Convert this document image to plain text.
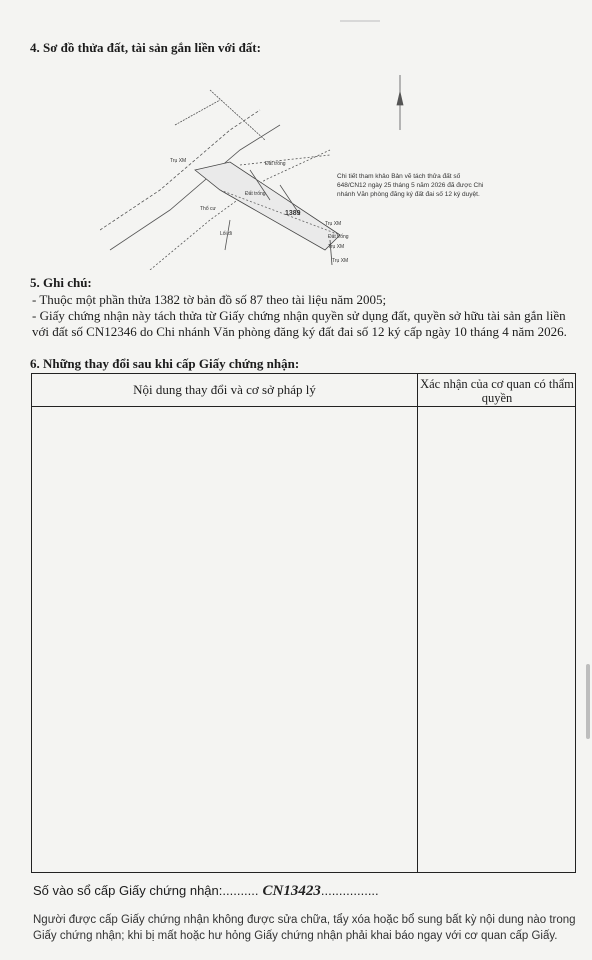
4. Sơ đồ thửa đất, tài sản gắn liền với đất:
Đất trống
Đất trống
Đất trống
Trụ XM
Trụ XM
Trụ XM
Trụ XM
Thổ cư
Lối đi
1389
Chi tiết tham khảo Bản vẽ tách thửa đất số 648/CN12 ngày 25 tháng 5 năm 2026 đã được Chi nhánh Văn phòng đăng ký đất đai số 12 ký duyệt.
5. Ghi chú:
- Thuộc một phần thửa 1382 tờ bản đồ số 87 theo tài liệu năm 2005;
- Giấy chứng nhận này tách thửa từ Giấy chứng nhận quyền sử dụng đất, quyền sở hữu tài sản gắn liền với đất số CN12346 do Chi nhánh Văn phòng đăng ký đất đai số 12 ký cấp ngày 10 tháng 4 năm 2026.
6. Những thay đổi sau khi cấp Giấy chứng nhận:
Nội dung thay đổi và cơ sở pháp lý	Xác nhận của cơ quan có thẩm quyền
Số vào sổ cấp Giấy chứng nhận:.......... CN13423................
Người được cấp Giấy chứng nhận không được sửa chữa, tẩy xóa hoặc bổ sung bất kỳ nội dung nào trong Giấy chứng nhận; khi bị mất hoặc hư hỏng Giấy chứng nhận phải khai báo ngay với cơ quan cấp Giấy.
